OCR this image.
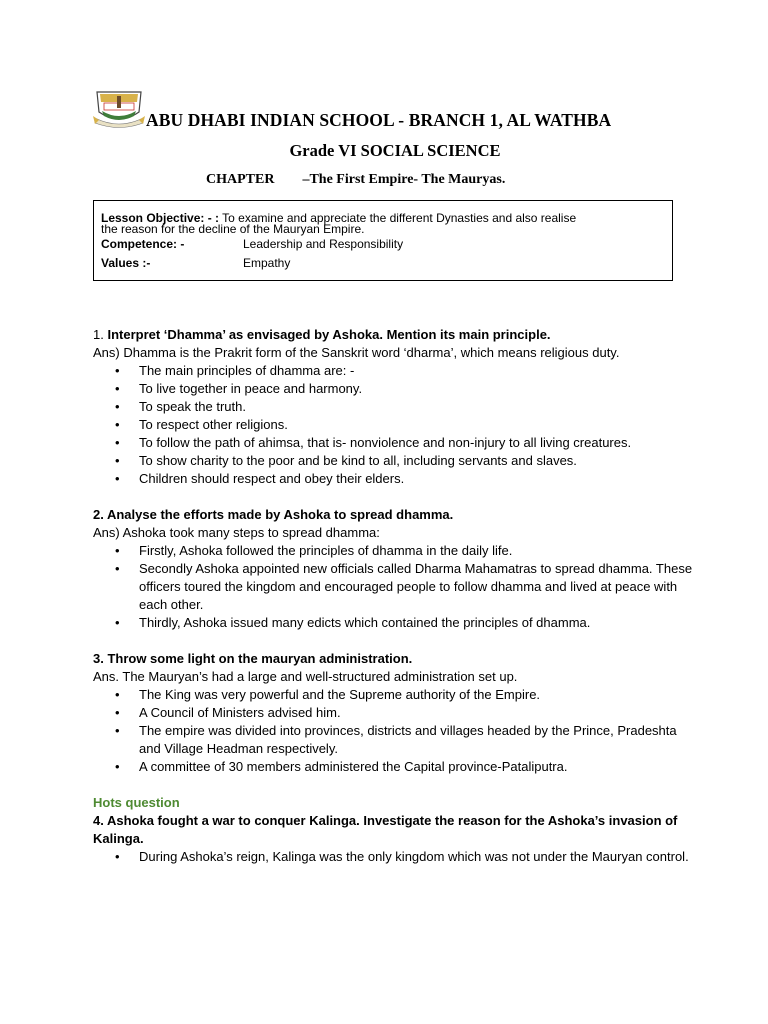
ABU DHABI INDIAN SCHOOL - BRANCH 1, AL WATHBA
Grade VI SOCIAL SCIENCE
CHAPTER –The First Empire- The Mauryas.
Lesson Objective: - : To examine and appreciate the different Dynasties and also realise
the reason for the decline of the Mauryan Empire.
Competence: -	Leadership and Responsibility
Values :-	Empathy

1. Interpret ‘Dhamma’ as envisaged by Ashoka. Mention its main principle.

Ans) Dhamma is the Prakrit form of the Sanskrit word ‘dharma’, which means religious duty.

• The main principles of dhamma are: -
• To live together in peace and harmony.
• To speak the truth.
• To respect other religions.
• To follow the path of ahimsa, that is- nonviolence and non-injury to all living creatures.
• To show charity to the poor and be kind to all, including servants and slaves.
• Children should respect and obey their elders.

2. Analyse the efforts made by Ashoka to spread dhamma.

Ans) Ashoka took many steps to spread dhamma:

• Firstly, Ashoka followed the principles of dhamma in the daily life.
• Secondly Ashoka appointed new officials called Dharma Mahamatras to spread dhamma. These officers toured the kingdom and encouraged people to follow dhamma and lived at peace with each other.
• Thirdly, Ashoka issued many edicts which contained the principles of dhamma.

3. Throw some light on the mauryan administration.

Ans. The Mauryan’s had a large and well-structured administration set up.

• The King was very powerful and the Supreme authority of the Empire.
• A Council of Ministers advised him.
• The empire was divided into provinces, districts and villages headed by the Prince, Pradeshta and Village Headman respectively.
• A committee of 30 members administered the Capital province-Pataliputra.

Hots question

4. Ashoka fought a war to conquer Kalinga. Investigate the reason for the Ashoka’s invasion of Kalinga.

• During Ashoka’s reign, Kalinga was the only kingdom which was not under the Mauryan control.
